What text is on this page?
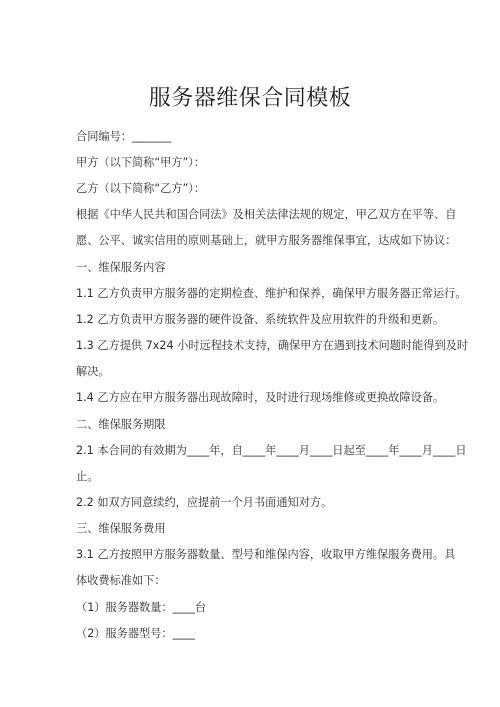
服务器维保合同模板
合同编号：_______
甲方（以下简称“甲方”）：
乙方（以下简称“乙方”）：
根据《中华人民共和国合同法》及相关法律法规的规定，甲乙双方在平等、自
愿、公平、诚实信用的原则基础上，就甲方服务器维保事宜，达成如下协议：
一、维保服务内容
1.1 乙方负责甲方服务器的定期检查、维护和保养，确保甲方服务器正常运行。
1.2 乙方负责甲方服务器的硬件设备、系统软件及应用软件的升级和更新。
1.3 乙方提供 7x24 小时远程技术支持，确保甲方在遇到技术问题时能得到及时
解决。
1.4 乙方应在甲方服务器出现故障时，及时进行现场维修或更换故障设备。
二、维保服务期限
2.1 本合同的有效期为____年，自____年____月____日起至____年____月____日
止。
2.2 如双方同意续约，应提前一个月书面通知对方。
三、维保服务费用
3.1 乙方按照甲方服务器数量、型号和维保内容，收取甲方维保服务费用。具
体收费标准如下：
（1）服务器数量：____台
（2）服务器型号：____
